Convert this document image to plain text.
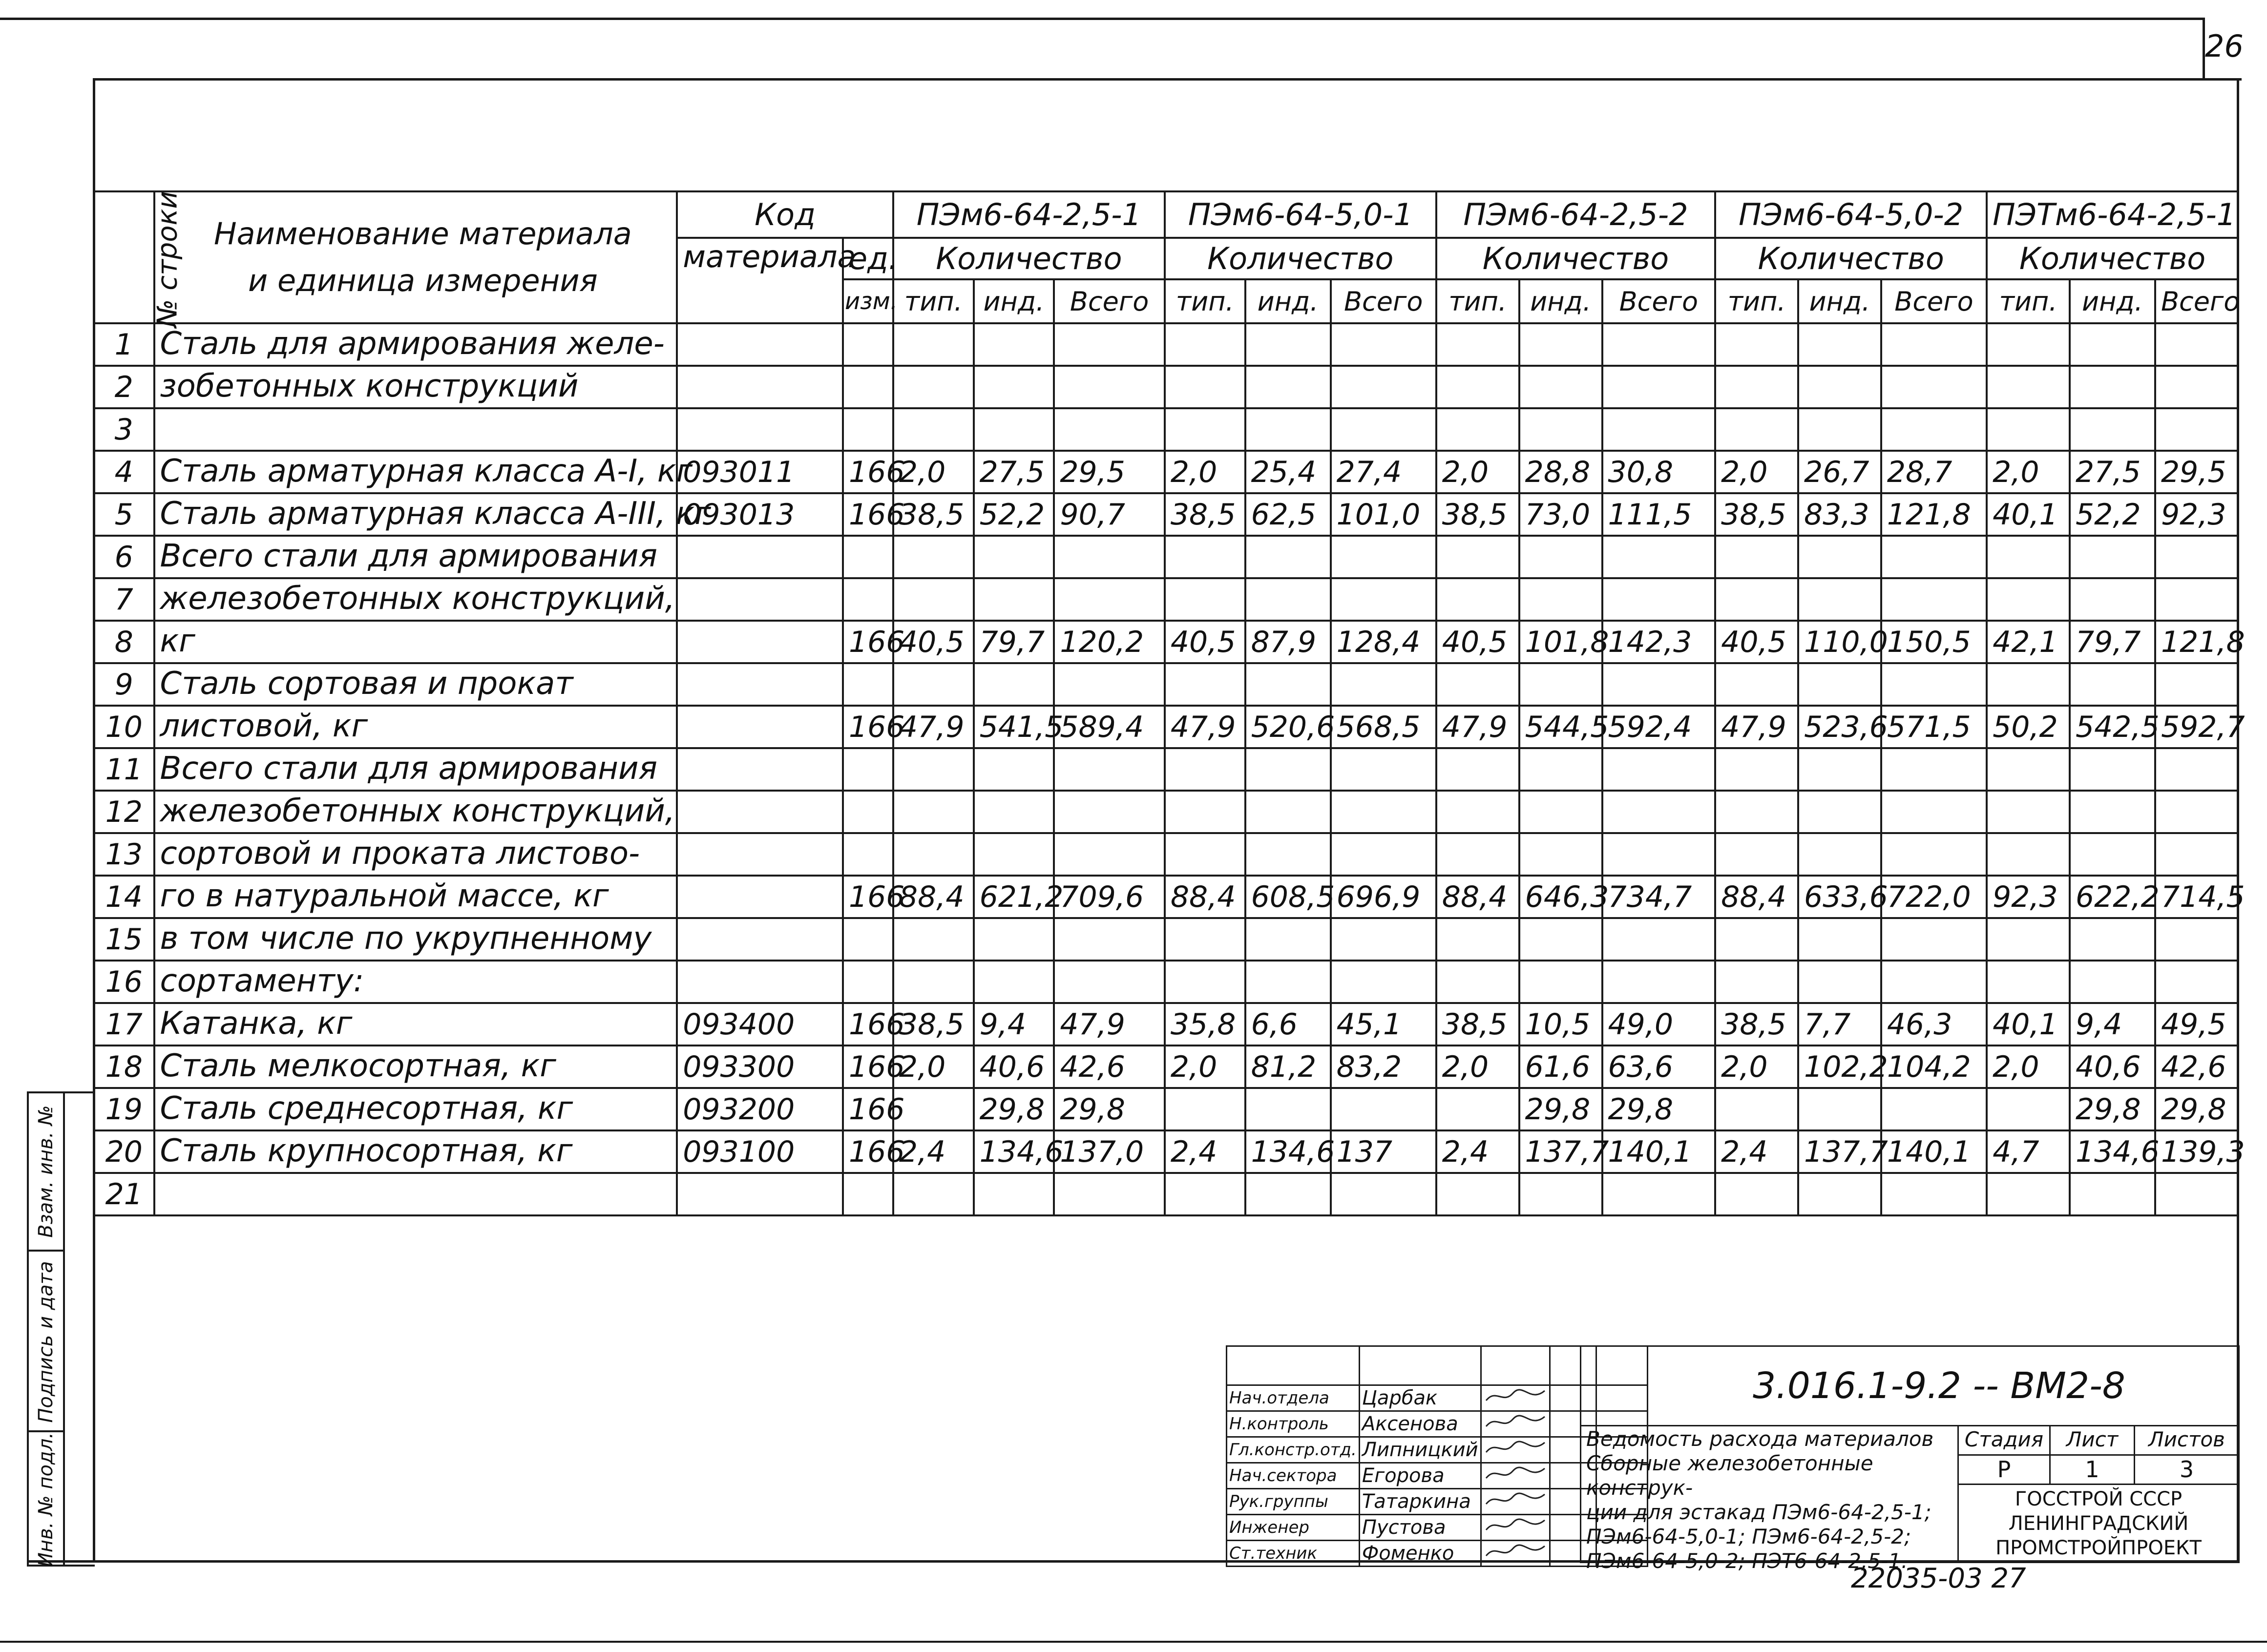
26
Инв. № подл.
Подпись и дата
Взам. инв. №
№ строки	Наименование материала
и единица измерения	Код		ПЭм6-64-2,5-1			ПЭм6-64-5,0-1			ПЭм6-64-2,5-2			ПЭм6-64-5,0-2			ПЭТм6-64-2,5-1		
		материала	ед.	Количество			Количество			Количество			Количество			Количество		
			изм.	тип.	инд.	Всего	тип.	инд.	Всего	тип.	инд.	Всего	тип.	инд.	Всего	тип.	инд.	Всего
1	Сталь для армирования желе-																	
2	зобетонных конструкций																	
3																		
4	Сталь арматурная класса А-I, кг	093011	166	2,0	27,5	29,5	2,0	25,4	27,4	2,0	28,8	30,8	2,0	26,7	28,7	2,0	27,5	29,5
5	Сталь арматурная класса А-III, кг	093013	166	38,5	52,2	90,7	38,5	62,5	101,0	38,5	73,0	111,5	38,5	83,3	121,8	40,1	52,2	92,3
6	Всего стали для армирования																	
7	железобетонных конструкций,																	
8	кг		166	40,5	79,7	120,2	40,5	87,9	128,4	40,5	101,8	142,3	40,5	110,0	150,5	42,1	79,7	121,8
9	Сталь сортовая и прокат																	
10	листовой, кг		166	47,9	541,5	589,4	47,9	520,6	568,5	47,9	544,5	592,4	47,9	523,6	571,5	50,2	542,5	592,7
11	Всего стали для армирования																	
12	железобетонных конструкций,																	
13	сортовой и проката листово-																	
14	го в натуральной массе, кг		166	88,4	621,2	709,6	88,4	608,5	696,9	88,4	646,3	734,7	88,4	633,6	722,0	92,3	622,2	714,5
15	в том числе по укрупненному																	
16	сортаменту:																	
17	Катанка, кг	093400	166	38,5	9,4	47,9	35,8	6,6	45,1	38,5	10,5	49,0	38,5	7,7	46,3	40,1	9,4	49,5
18	Сталь мелкосортная, кг	093300	166	2,0	40,6	42,6	2,0	81,2	83,2	2,0	61,6	63,6	2,0	102,2	104,2	2,0	40,6	42,6
19	Сталь среднесортная, кг	093200	166		29,8	29,8					29,8	29,8					29,8	29,8
20	Сталь крупносортная, кг	093100	166	2,4	134,6	137,0	2,4	134,6	137	2,4	137,7	140,1	2,4	137,7	140,1	4,7	134,6	139,3
21																		

Нач.отдела	Царбак			
Н.контроль	Аксенова			
Гл.констр.отд.	Липницкий			
Нач.сектора	Егорова			
Рук.группы	Татаркина			
Инженер	Пустова			
Ст.техник	Фоменко			
3.016.1-9.2 -- ВМ2-8
Ведомость расхода материалов
Сборные железобетонные конструк-
ции для эстакад ПЭм6-64-2,5-1;
ПЭм6-64-5,0-1; ПЭм6-64-2,5-2;
ПЭм6-64-5,0-2; ПЭТ6-64-2,5-1.
Стадия	Лист	Листов
Р	1	3
ГОССТРОЙ СССР
ЛЕНИНГРАДСКИЙ
ПРОМСТРОЙПРОЕКТ
22035-03 27
